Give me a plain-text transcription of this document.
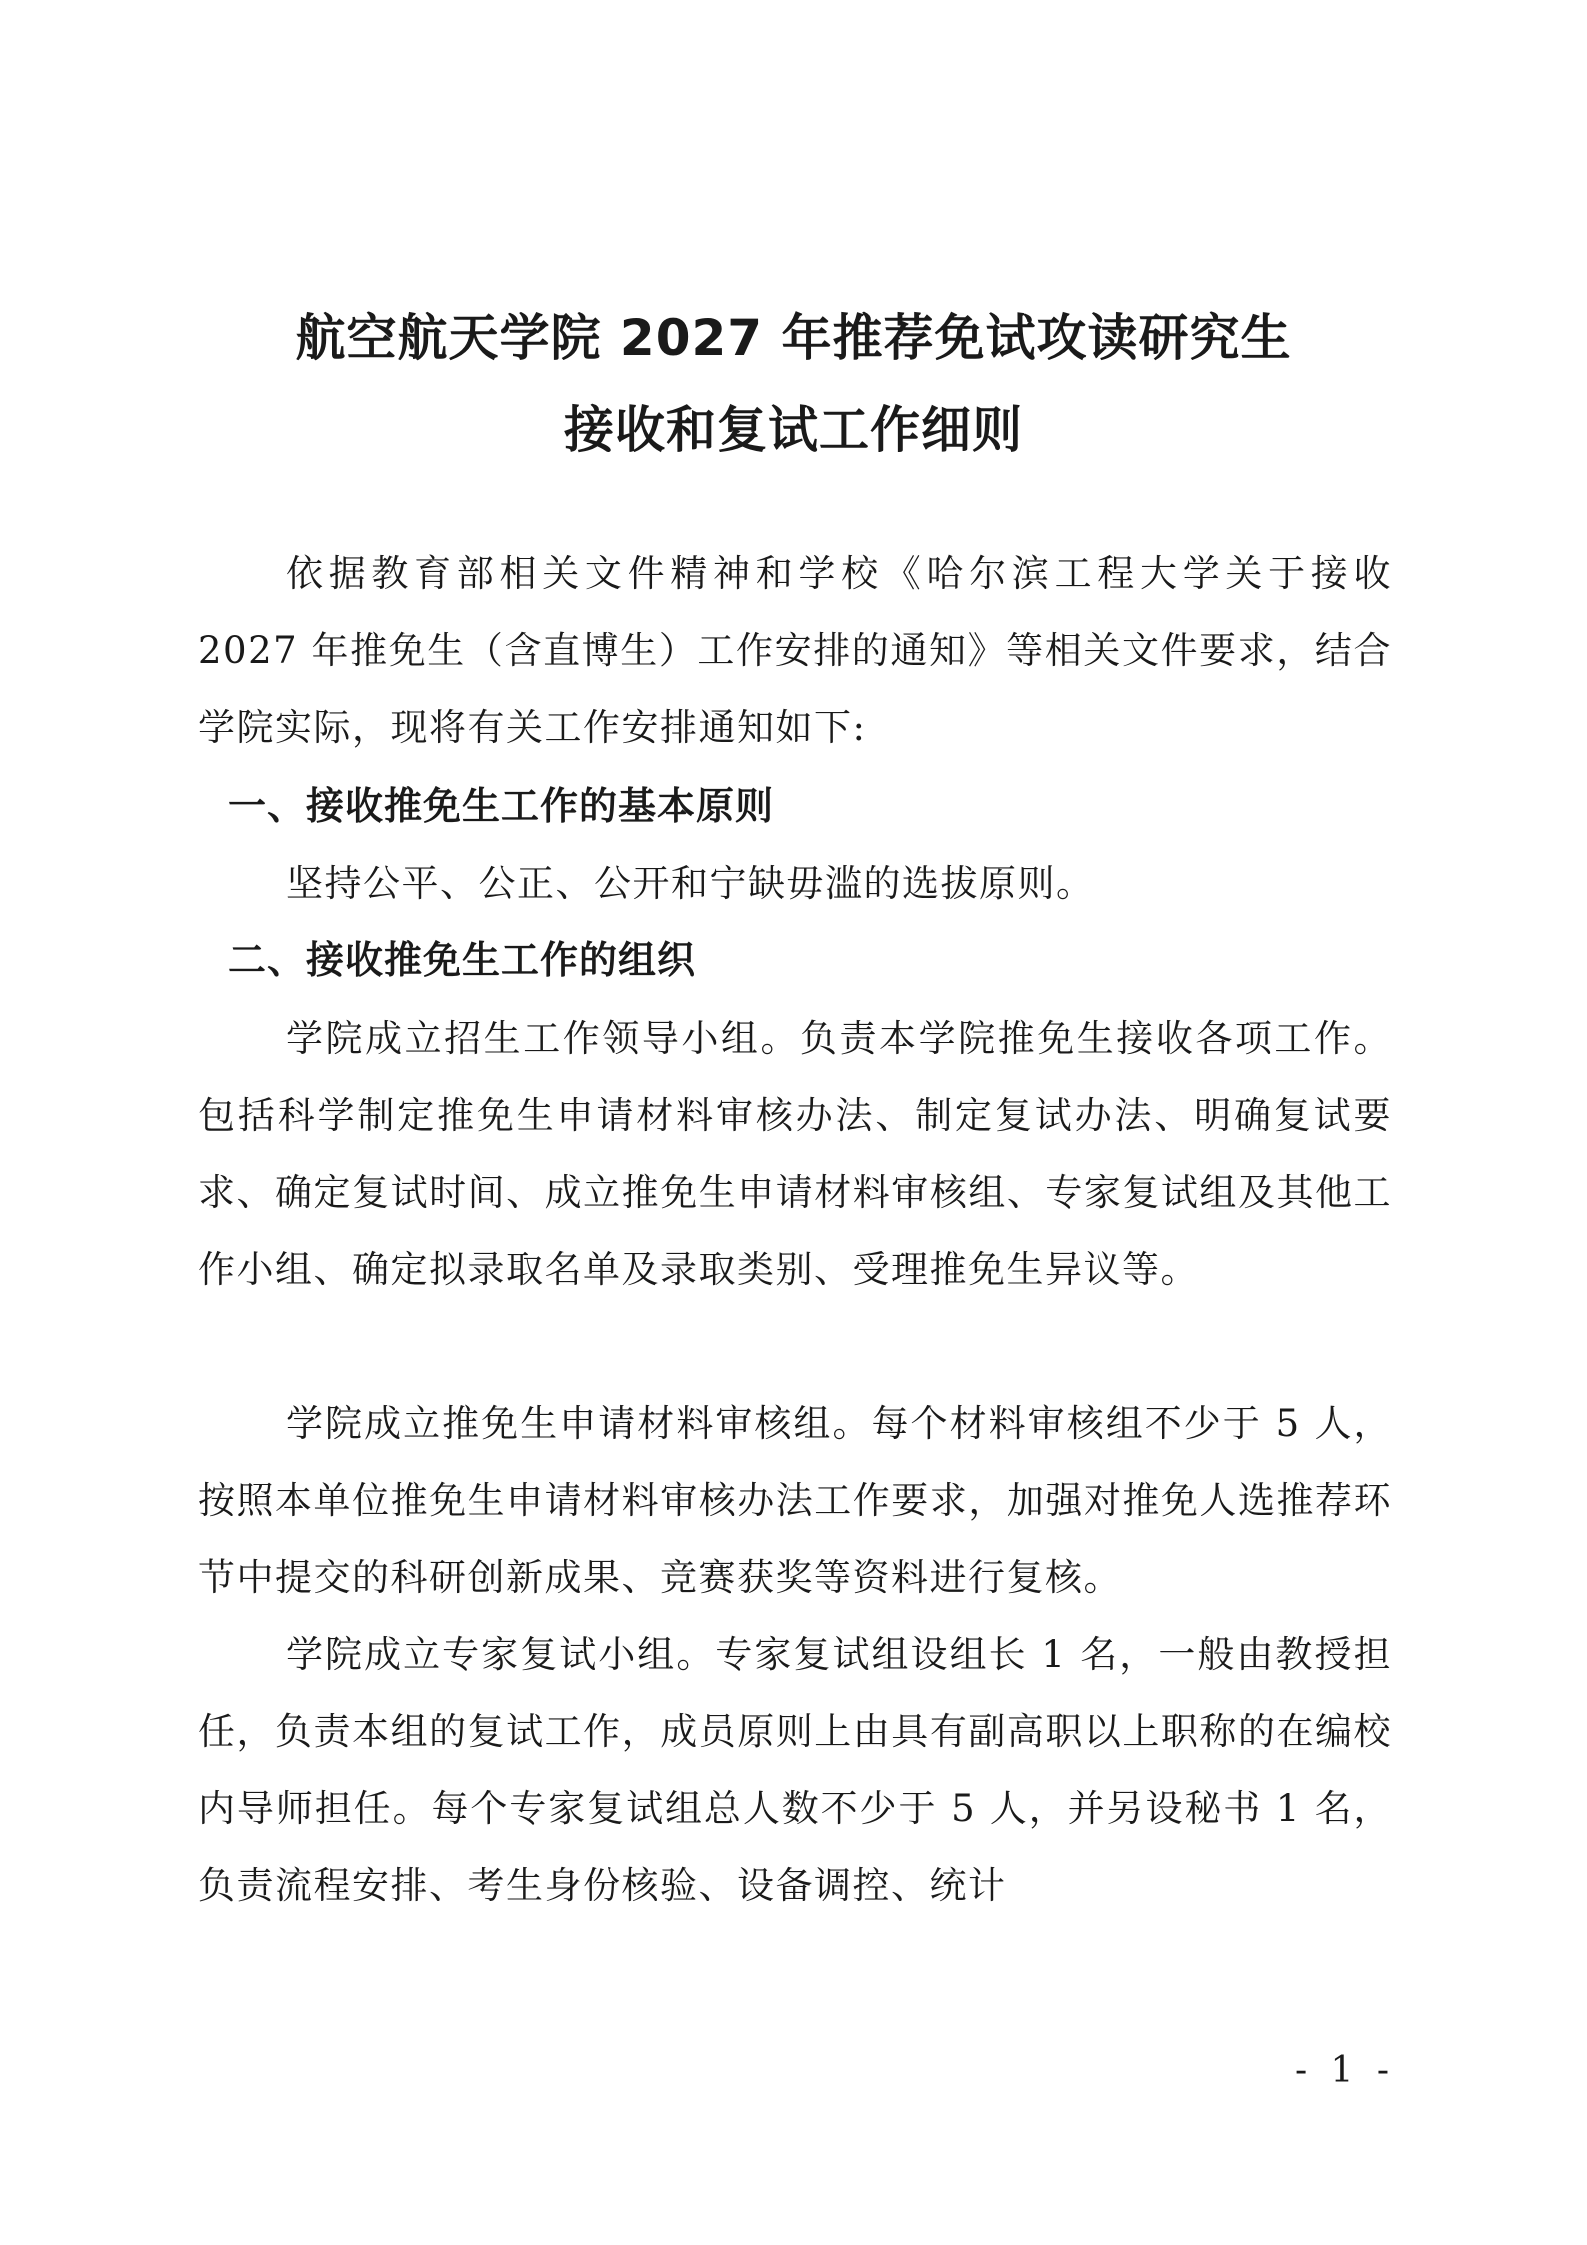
航空航天学院 2027 年推荐免试攻读研究生
接收和复试工作细则

依据教育部相关文件精神和学校《哈尔滨工程大学关于接收 2027 年推免生（含直博生）工作安排的通知》等相关文件要求，结合学院实际，现将有关工作安排通知如下:

一、接收推免生工作的基本原则

坚持公平、公正、公开和宁缺毋滥的选拔原则。

二、接收推免生工作的组织

学院成立招生工作领导小组。负责本学院推免生接收各项工作。包括科学制定推免生申请材料审核办法、制定复试办法、明确复试要求、确定复试时间、成立推免生申请材料审核组、专家复试组及其他工作小组、确定拟录取名单及录取类别、受理推免生异议等。

学院成立推免生申请材料审核组。每个材料审核组不少于 5 人，按照本单位推免生申请材料审核办法工作要求，加强对推免人选推荐环节中提交的科研创新成果、竞赛获奖等资料进行复核。

学院成立专家复试小组。专家复试组设组长 1 名，一般由教授担任，负责本组的复试工作，成员原则上由具有副高职以上职称的在编校内导师担任。每个专家复试组总人数不少于 5 人，并另设秘书 1 名，负责流程安排、考生身份核验、设备调控、统计

- 1 -
